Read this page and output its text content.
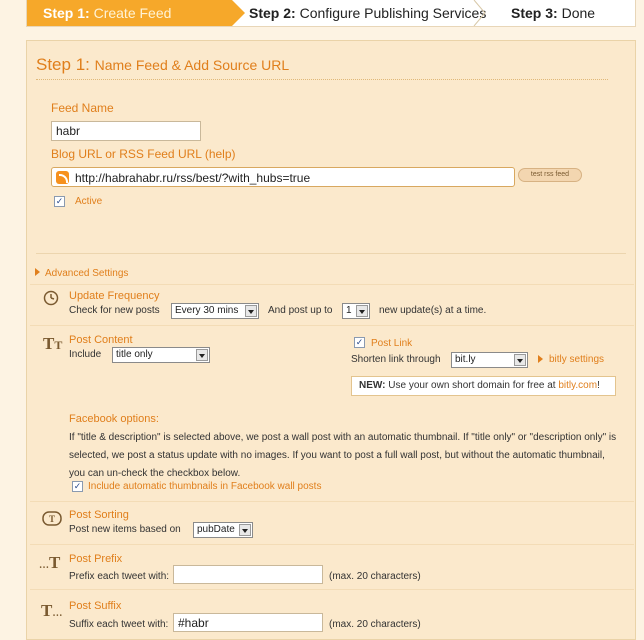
Step 1: Create Feed	Step 2: Configure Publishing Services Step 3: Done
Step 1: Name Feed & Add Source URL
Feed Name
habr
Blog URL or RSS Feed URL (help)
http://habrahabr.ru/rss/best/?with_hubs=true	test rss feed
✓ Active
Advanced Settings
Update Frequency
Check for new posts	Every 30 mins	And post up to	1	new update(s) at a time.
TT Post Content
Include	title only
✓ Post Link
Shorten link through	bit.ly	bitly settings
NEW: Use your own short domain for free at bitly.com!
Facebook options:
If "title & description" is selected above, we post a wall post with an automatic thumbnail. If "title only" or "description only" is selected, we post a status update with no images. If you want to post a full wall post, but without the automatic thumbnail, you can un-check the checkbox below.
✓ Include automatic thumbnails in Facebook wall posts
T Post Sorting
Post new items based on	pubDate
…T Post Prefix
Prefix each tweet with:	(max. 20 characters)
T…
Post Suffix
Suffix each tweet with: #habr	(max. 20 characters)
